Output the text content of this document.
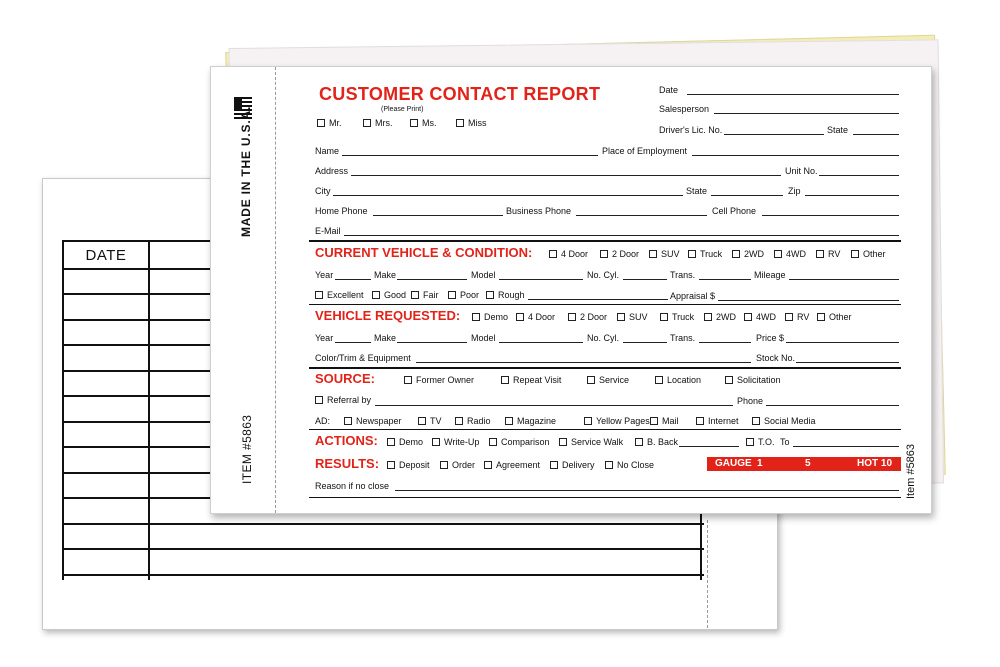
DATE
MADE IN THE U.S.A.
ITEM #5863	Item #5863
CUSTOMER CONTACT REPORT
(Please Print)
Mr.	Mrs.	Ms.	Miss
Date
Salesperson
Driver's Lic. No.	State
Name	Place of Employment
Address	Unit No.
City	State	Zip
Home Phone	Business Phone	Cell Phone
E-Mail
CURRENT VEHICLE & CONDITION:	4 Door	2 Door	SUV	Truck	2WD	4WD	RV	Other
Year	Make	Model	No. Cyl.	Trans.	Mileage
Excellent	Good	Fair	Poor	Rough	Appraisal $
VEHICLE REQUESTED:	Demo	4 Door	2 Door	SUV	Truck	2WD	4WD	RV	Other
Year	Make	Model	No. Cyl.	Trans.	Price $
Color/Trim & Equipment	Stock No.
SOURCE:	Former Owner	Repeat Visit	Service	Location	Solicitation
Referral by	Phone
AD:	Newspaper	TV	Radio	Magazine	Yellow Pages	Mail	Internet	Social Media
ACTIONS:	Demo	Write-Up	Comparison	Service Walk	B. Back	T.O. To
RESULTS:	Deposit	Order	Agreement	Delivery	No Close	GAUGE 1	5	HOT 10
Reason if no close
